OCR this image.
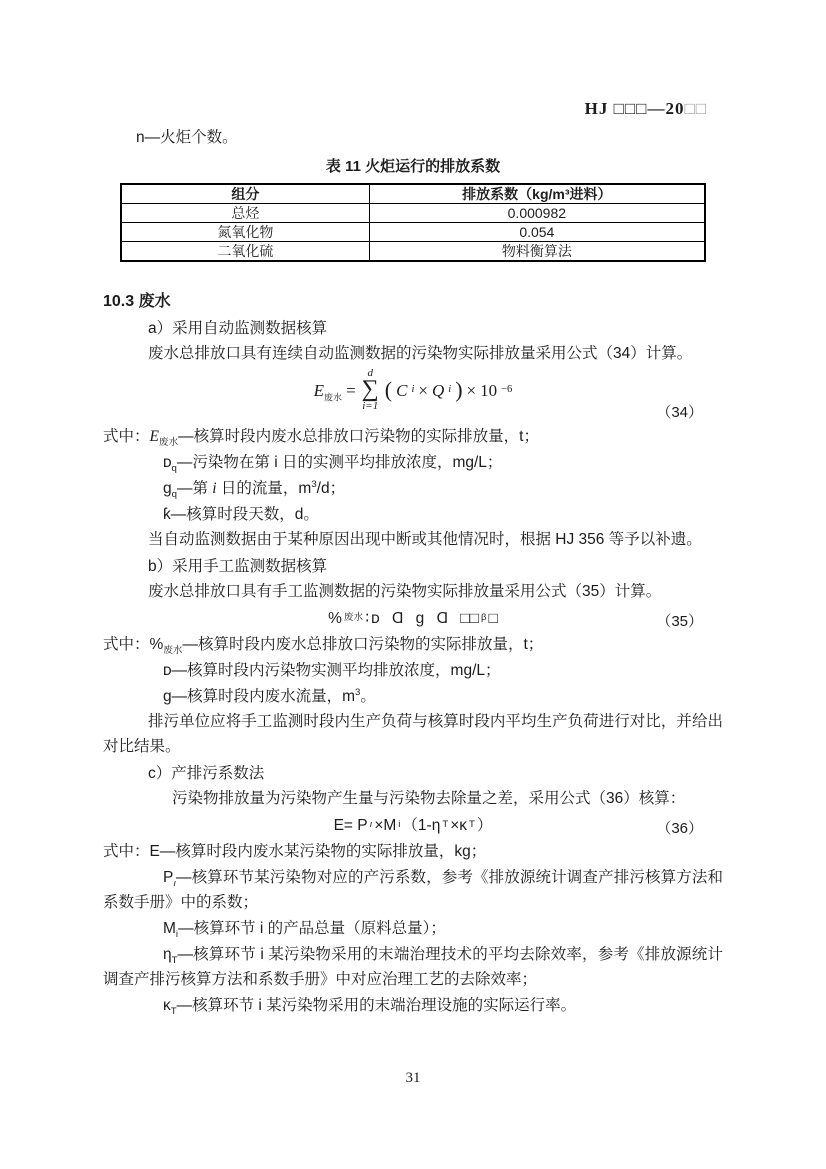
HJ □□□—20□□
n—火炬个数。
表 11 火炬运行的排放系数
组分	排放系数（kg/m³进料）
总烃	0.000982
氮氧化物	0.054
二氧化硫	物料衡算法
10.3 废水
a）采用自动监测数据核算
废水总排放口具有连续自动监测数据的污染物实际排放量采用公式（34）计算。
$E_{废水}$ =
d
∑
i=1
( C i × Q i ) × 10 −6
（34）
式中：$E_{废水}—$核算时段内废水总排放口污染物的实际排放量，t；
ᴅ$_q$—污染物在第 i 日的实测平均排放浓度，mg/L；
ɡ$_q$—第 i 日的流量，$m^3/d$；
ƙ—核算时段天数，d。
当自动监测数据由于某种原因出现中断或其他情况时，根据 HJ 356 等予以补遗。
b）采用手工监测数据核算
废水总排放口具有手工监测数据的污染物实际排放量采用公式（35）计算。
% 废水 ∶ ᴅ Ɑ ɡ Ɑ □□ β □	（35）
式中：$\%_{废水}—$核算时段内废水总排放口污染物的实际排放量，t；
ᴅ—核算时段内污染物实测平均排放浓度，mg/L；
ɡ—核算时段内废水流量，$m^3$。
排污单位应将手工监测时段内生产负荷与核算时段内平均生产负荷进行对比，并给出对比结果。
c）产排污系数法
污染物排放量为污染物产生量与污染物去除量之差，采用公式（36）核算：
E= P ı ×M i （1-η T ×κ T ）	（36）
式中：E—核算时段内废水某污染物的实际排放量，kg；
$P_ı—$核算环节某污染物对应的产污系数，参考《排放源统计调查产排污核算方法和系数手册》中的系数；
$M_i—$核算环节 i 的产品总量（原料总量）；
$\eta_T—$核算环节 i 某污染物采用的末端治理技术的平均去除效率，参考《排放源统计调查产排污核算方法和系数手册》中对应治理工艺的去除效率；
$\kappa_T—$核算环节 i 某污染物采用的末端治理设施的实际运行率。
31
